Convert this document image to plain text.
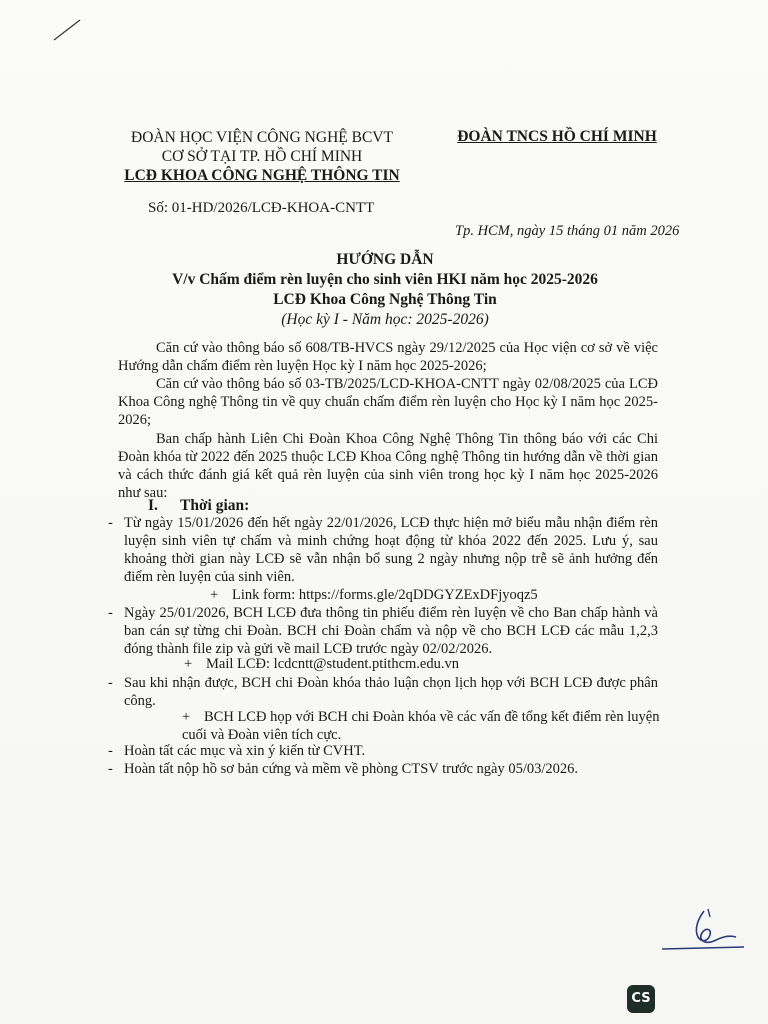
ĐOÀN HỌC VIỆN CÔNG NGHỆ BCVT
CƠ SỞ TẠI TP. HỒ CHÍ MINH
LCĐ KHOA CÔNG NGHỆ THÔNG TIN
ĐOÀN TNCS HỒ CHÍ MINH
Số: 01-HD/2026/LCĐ-KHOA-CNTT
Tp. HCM, ngày 15 tháng 01 năm 2026
HƯỚNG DẪN
V/v Chấm điểm rèn luyện cho sinh viên HKI năm học 2025-2026
LCĐ Khoa Công Nghệ Thông Tin
(Học kỳ I - Năm học: 2025-2026)

Căn cứ vào thông báo số 608/TB-HVCS ngày 29/12/2025 của Học viện cơ sở về việc Hướng dẫn chấm điểm rèn luyện Học kỳ I năm học 2025-2026;

Căn cứ vào thông báo số 03-TB/2025/LCD-KHOA-CNTT ngày 02/08/2025 của LCĐ Khoa Công nghệ Thông tin về quy chuẩn chấm điểm rèn luyện cho Học kỳ I năm học 2025-2026;

Ban chấp hành Liên Chi Đoàn Khoa Công Nghệ Thông Tin thông báo với các Chi Đoàn khóa từ 2022 đến 2025 thuộc LCĐ Khoa Công nghệ Thông tin hướng dẫn về thời gian và cách thức đánh giá kết quả rèn luyện của sinh viên trong học kỳ I năm học 2025-2026 như sau:

I. Thời gian:
- Từ ngày 15/01/2026 đến hết ngày 22/01/2026, LCĐ thực hiện mở biểu mẫu nhận điểm rèn luyện sinh viên tự chấm và minh chứng hoạt động từ khóa 2022 đến 2025. Lưu ý, sau khoảng thời gian này LCĐ sẽ vẫn nhận bổ sung 2 ngày nhưng nộp trễ sẽ ảnh hưởng đến điểm rèn luyện của sinh viên.
+ Link form: https://forms.gle/2qDDGYZExDFjyoqz5
- Ngày 25/01/2026, BCH LCĐ đưa thông tin phiếu điểm rèn luyện về cho Ban chấp hành và ban cán sự từng chi Đoàn. BCH chi Đoàn chấm và nộp về cho BCH LCĐ các mẫu 1,2,3 đóng thành file zip và gửi về mail LCĐ trước ngày 02/02/2026.
+ Mail LCĐ: lcdcntt@student.ptithcm.edu.vn
- Sau khi nhận được, BCH chi Đoàn khóa thảo luận chọn lịch họp với BCH LCĐ được phân công.
+ BCH LCĐ họp với BCH chi Đoàn khóa về các vấn đề tổng kết điểm rèn luyện cuối và Đoàn viên tích cực.
- Hoàn tất các mục và xin ý kiến từ CVHT.
- Hoàn tất nộp hồ sơ bản cứng và mềm về phòng CTSV trước ngày 05/03/2026.
CS
